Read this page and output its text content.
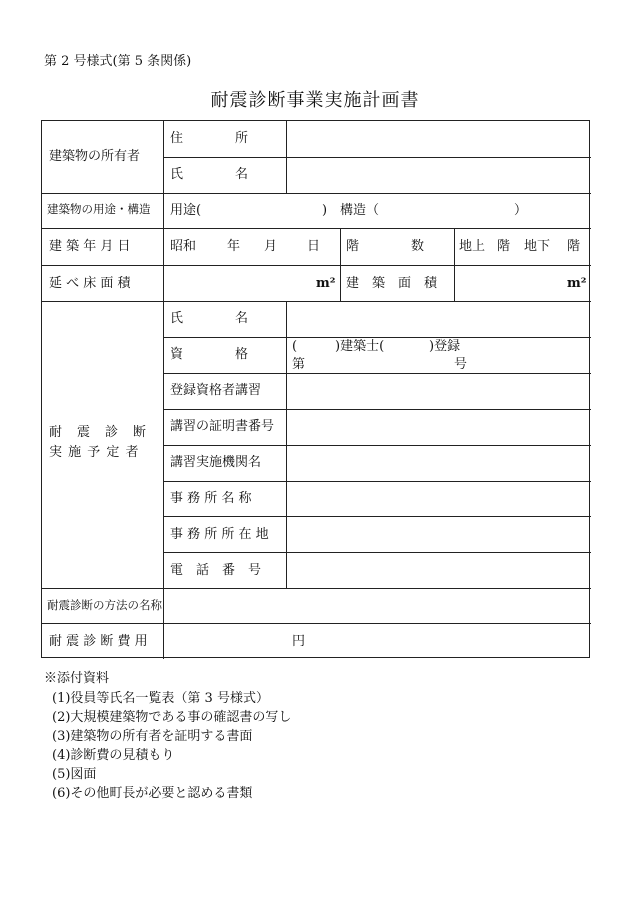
第 2 号様式(第 5 条関係)
耐震診断事業実施計画書
建築物の所有者
住　　　　所
氏　　　　名
建築物の用途・構造 用途(	) 構造（	）
建 築 年 月 日	昭和 年 月 日 階　　　　数	地上 階 地下 階
延 べ 床 面 積	m² 建　築　面　積	m²
耐　震　診　断
実 施 予 定 者
氏　　　　名
資　　　　格
(	)建築士(	)登録
第	号
登録資格者講習
講習の証明書番号
講習実施機関名
事 務 所 名 称
事 務 所 所 在 地
電　話　番　号
耐震診断の方法の名称
耐 震 診 断 費 用	円
※添付資料
(1)役員等氏名一覧表（第 3 号様式）
(2)大規模建築物である事の確認書の写し
(3)建築物の所有者を証明する書面
(4)診断費の見積もり
(5)図面
(6)その他町長が必要と認める書類
